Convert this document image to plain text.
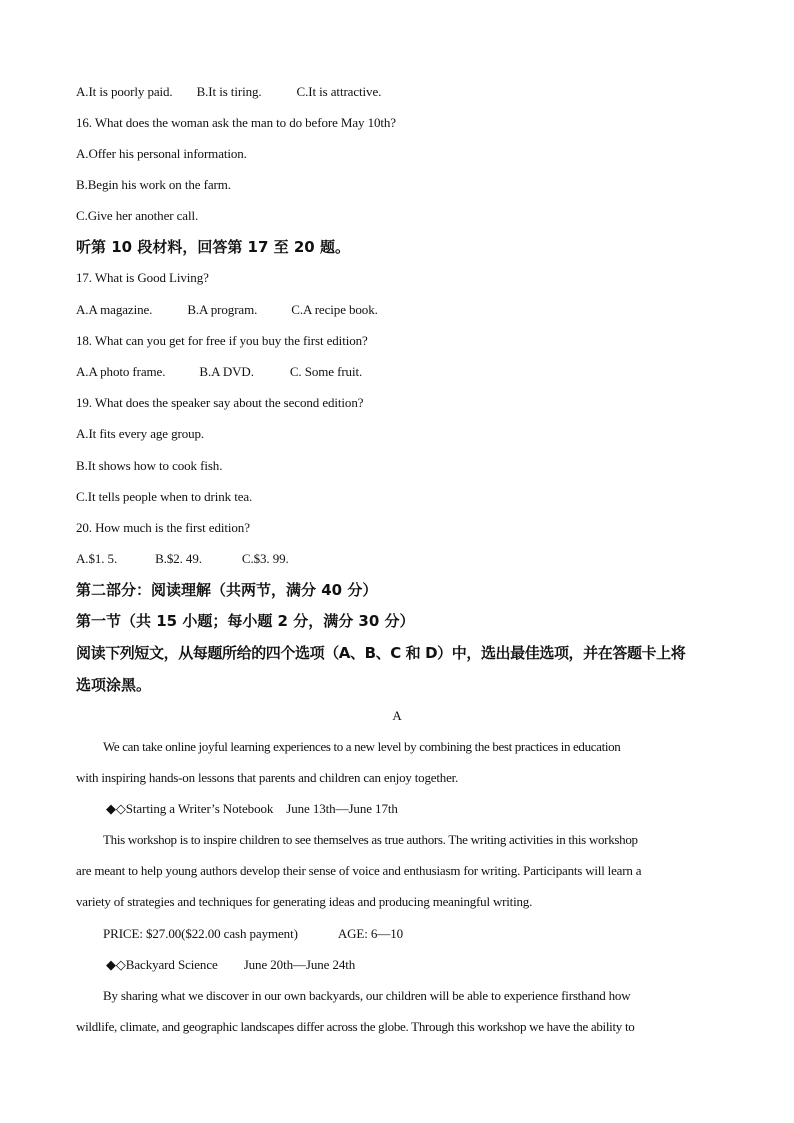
A.It is poorly paid. B.It is tiring.	C.It is attractive.
16. What does the woman ask the man to do before May 10th?
A.Offer his personal information.
B.Begin his work on the farm.
C.Give her another call.
听第 10 段材料，回答第 17 至 20 题。
17. What is Good Living?
A.A magazine.	B.A program.	C.A recipe book.
18. What can you get for free if you buy the first edition?
A.A photo frame.	B.A DVD.	C. Some fruit.
19. What does the speaker say about the second edition?
A.It fits every age group.
B.It shows how to cook fish.
C.It tells people when to drink tea.
20. How much is the first edition?
A.$1. 5.	B.$2. 49.	C.$3. 99.
第二部分：阅读理解（共两节，满分 40 分）
第一节（共 15 小题；每小题 2 分，满分 30 分）
阅读下列短文，从每题所给的四个选项（A、B、C 和 D）中，选出最佳选项，并在答题卡上将
选项涂黑。
A
We can take online joyful learning experiences to a new level by combining the best practices in education
with inspiring hands-on lessons that parents and children can enjoy together.
◆◇Starting a Writer’s Notebook June 13th—June 17th
This workshop is to inspire children to see themselves as true authors. The writing activities in this workshop
are meant to help young authors develop their sense of voice and enthusiasm for writing. Participants will learn a
variety of strategies and techniques for generating ideas and producing meaningful writing.
PRICE: $27.00($22.00 cash payment)	AGE: 6—10
◆◇Backyard Science June 20th—June 24th
By sharing what we discover in our own backyards, our children will be able to experience firsthand how
wildlife, climate, and geographic landscapes differ across the globe. Through this workshop we have the ability to
